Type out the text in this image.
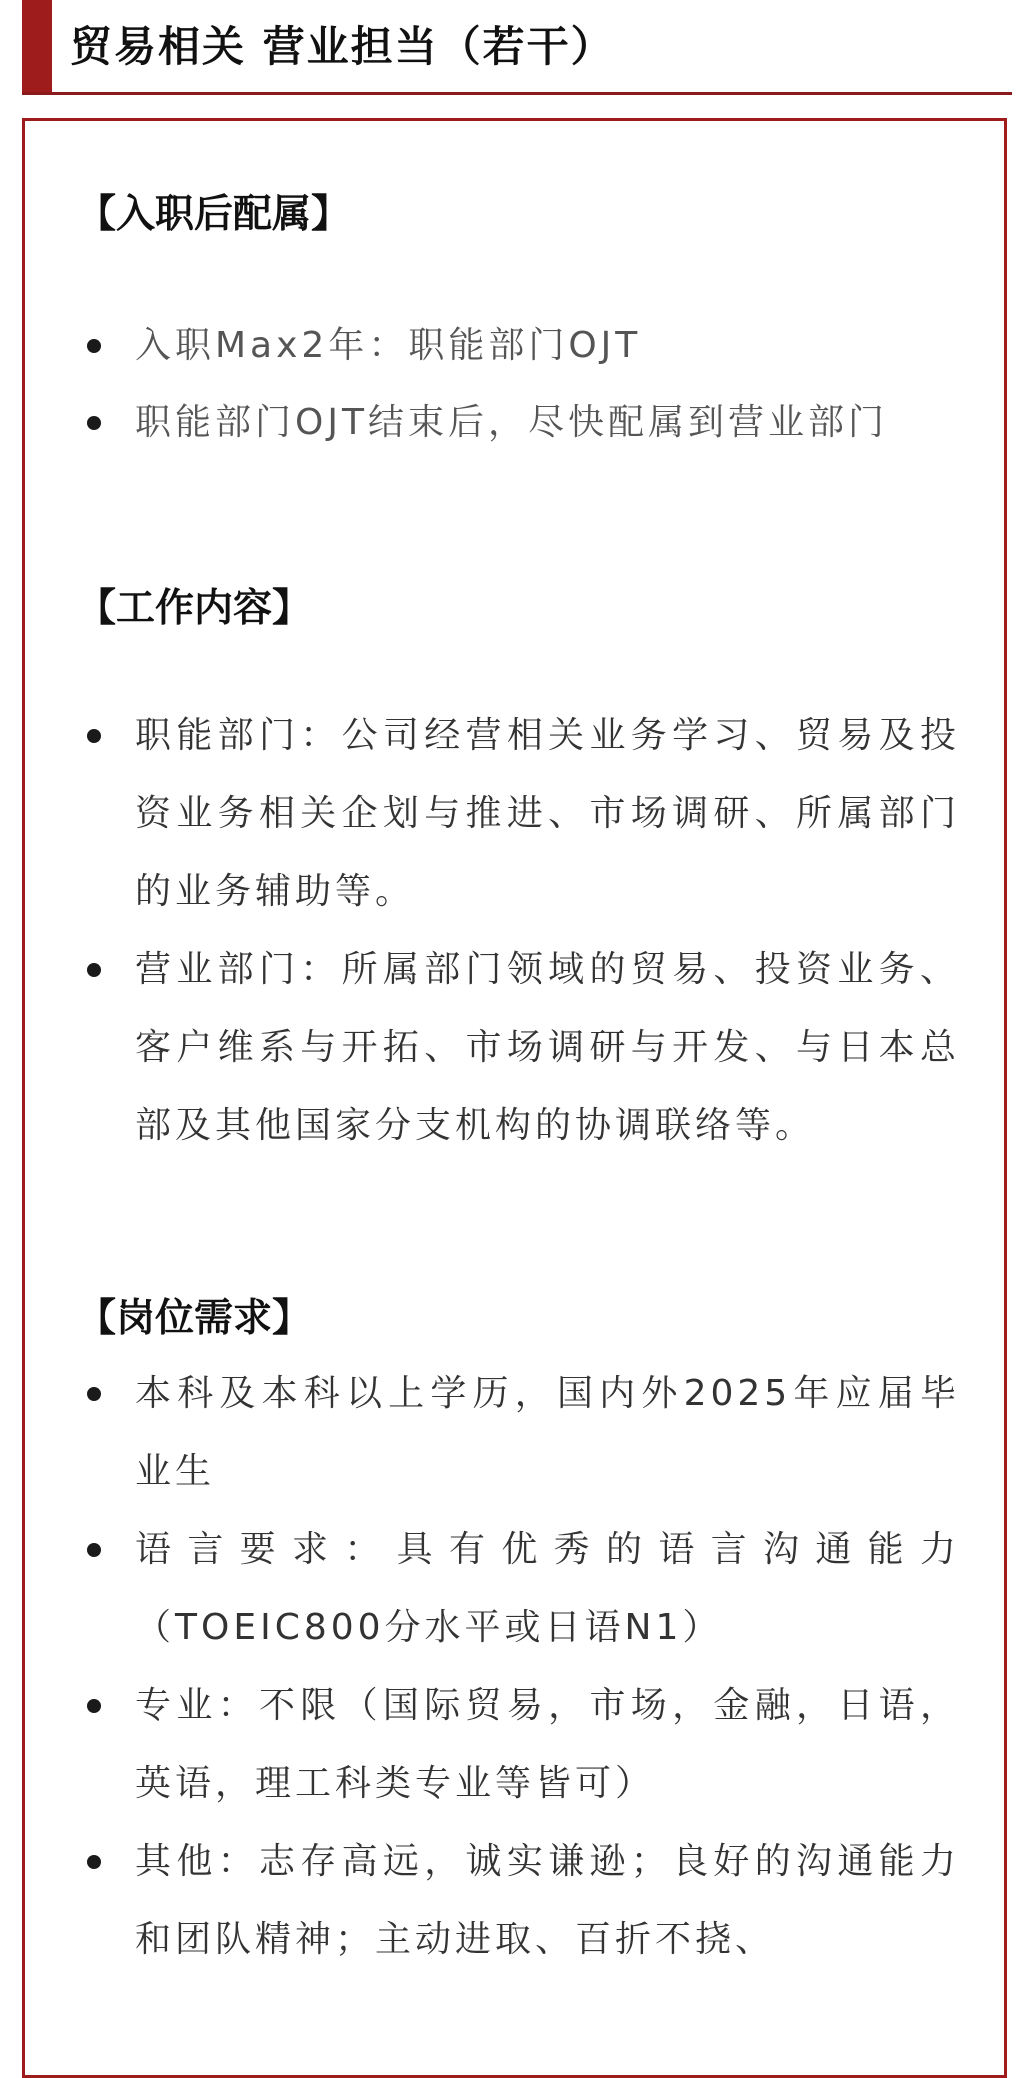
贸易相关 营业担当（若干）
【入职后配属】
入职Max2年：职能部门OJT
职能部门OJT结束后，尽快配属到营业部门
【工作内容】
职能部门：公司经营相关业务学习、贸易及投资业务相关企划与推进、市场调研、所属部门的业务辅助等。
营业部门：所属部门领域的贸易、投资业务、客户维系与开拓、市场调研与开发、与日本总部及其他国家分支机构的协调联络等。
【岗位需求】
本科及本科以上学历，国内外2025年应届毕业生
语言要求：具有优秀的语言沟通能力（TOEIC800分水平或日语N1）
专业：不限（国际贸易，市场，金融，日语，英语，理工科类专业等皆可）
其他：志存高远，诚实谦逊；良好的沟通能力和团队精神；主动进取、百折不挠、
